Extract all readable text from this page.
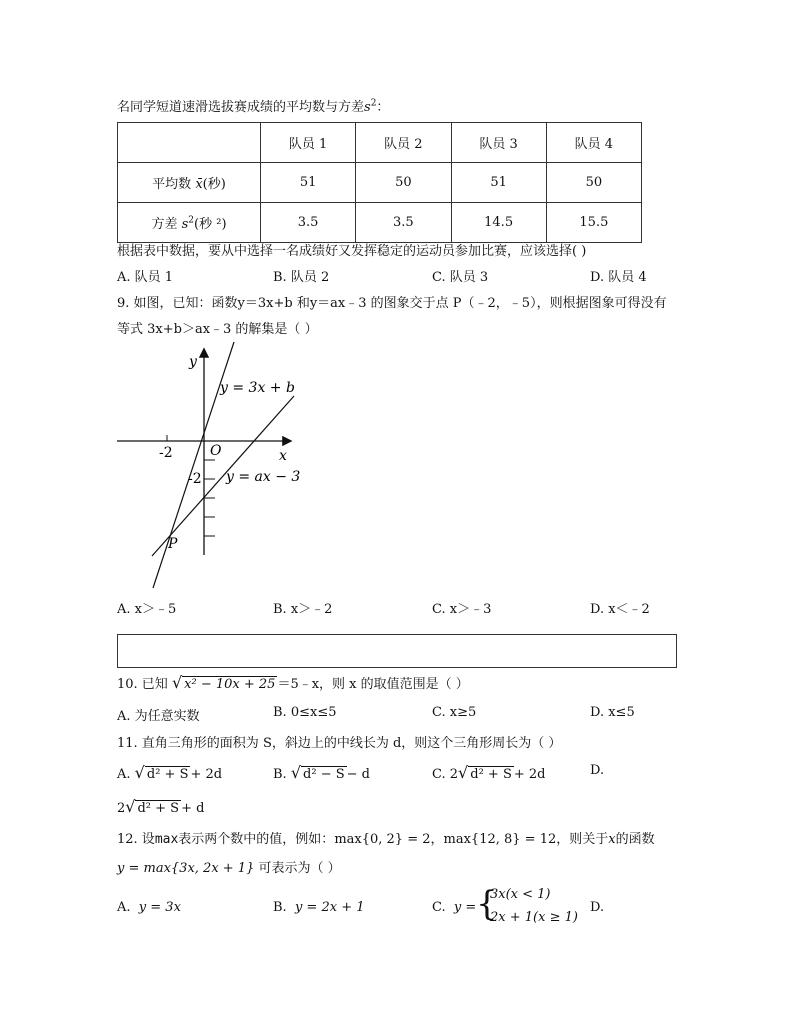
名同学短道速滑选拔赛成绩的平均数与方差$s^2$：
	队员 1	队员 2	队员 3	队员 4
平均数 x̄(秒)	51	50	51	50
方差 $s^2$(秒 ²)	3.5	3.5	14.5	15.5
根据表中数据，要从中选择一名成绩好又发挥稳定的运动员参加比赛，应该选择( )
A. 队员 1	B. 队员 2	C. 队员 3	D. 队员 4
9. 如图，已知：函数y＝3x+b 和y＝ax﹣3 的图象交于点 P（﹣2，﹣5），则根据图象可得没有
等式 3x+b＞ax﹣3 的解集是（ ）
y
x
O
-2
-2
P
y = 3x + b
y = ax − 3
A. x＞﹣5	B. x＞﹣2	C. x＞﹣3	D. x＜﹣2
10. 已知 √ x² − 10x + 25 ＝5﹣x，则 x 的取值范围是（ ）
A. 为任意实数	B. 0≤x≤5	C. x≥5	D. x≤5
11. 直角三角形的面积为 S，斜边上的中线长为 d，则这个三角形周长为（ ）
A. √ d² + S + 2d	B. √ d² − S − d	C. 2√ d² + S + 2d	D.
2√ d² + S + d
12. 设max表示两个数中的值，例如：max{0, 2} = 2，max{12, 8} = 12，则关于x的函数
y = max{3x, 2x + 1} 可表示为（ ）
A. y = 3x	B. y = 2x + 1	C. y = {
3x(x < 1)
2x + 1(x ≥ 1)
D.
